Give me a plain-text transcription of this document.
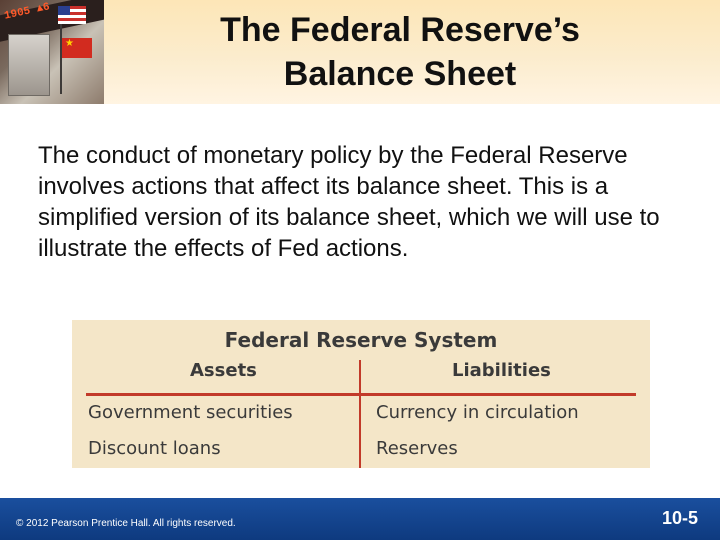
1905 ▲6
★	The Federal Reserve’s
Balance Sheet

The conduct of monetary policy by the Federal Reserve involves actions that affect its balance sheet. This is a simplified version of its balance sheet, which we will use to illustrate the effects of Fed actions.

Federal Reserve System
Assets	Liabilities
Government securities
Discount loans
Currency in circulation
Reserves
© 2012 Pearson Prentice Hall. All rights reserved.	10-5
